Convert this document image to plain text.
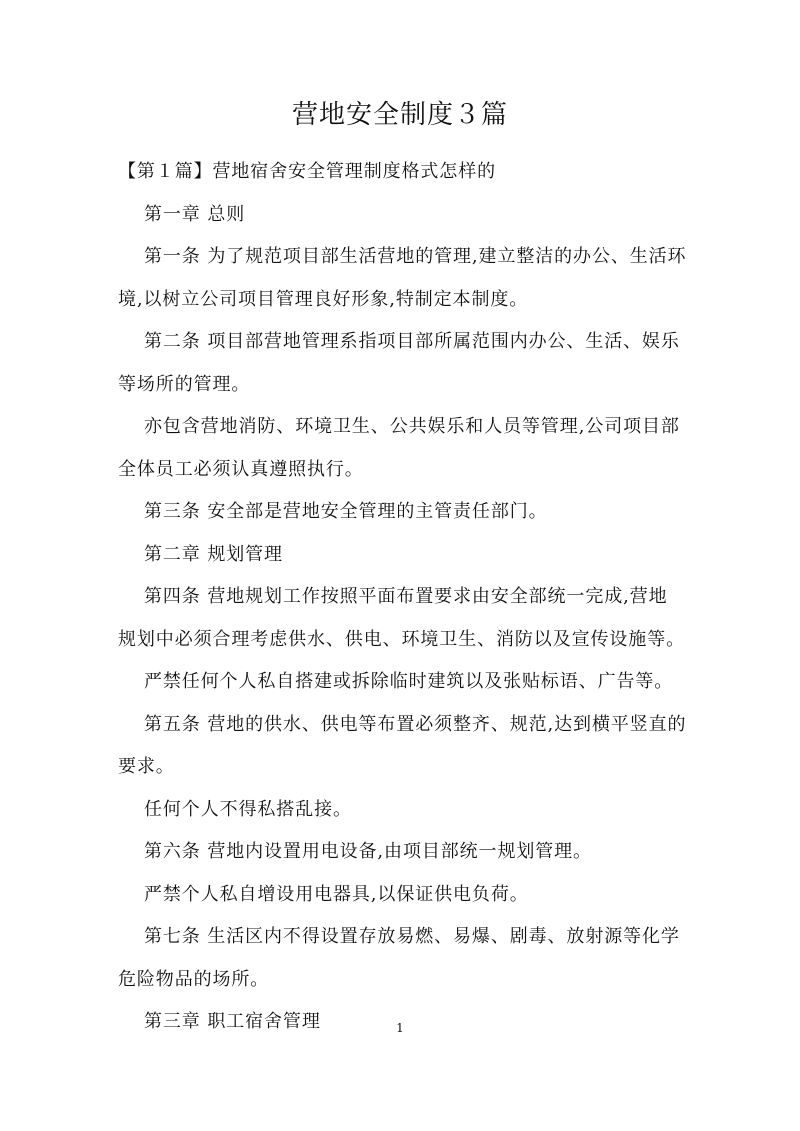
营地安全制度３篇
【第１篇】营地宿舍安全管理制度格式怎样的
第一章 总则
第一条 为了规范项目部生活营地的管理,建立整洁的办公、生活环
境,以树立公司项目管理良好形象,特制定本制度。
第二条 项目部营地管理系指项目部所属范围内办公、生活、娱乐
等场所的管理。
亦包含营地消防、环境卫生、公共娱乐和人员等管理,公司项目部
全体员工必须认真遵照执行。
第三条 安全部是营地安全管理的主管责任部门。
第二章 规划管理
第四条 营地规划工作按照平面布置要求由安全部统一完成,营地
规划中必须合理考虑供水、供电、环境卫生、消防以及宣传设施等。
严禁任何个人私自搭建或拆除临时建筑以及张贴标语、广告等。
第五条 营地的供水、供电等布置必须整齐、规范,达到横平竖直的
要求。
任何个人不得私搭乱接。
第六条 营地内设置用电设备,由项目部统一规划管理。
严禁个人私自增设用电器具,以保证供电负荷。
第七条 生活区内不得设置存放易燃、易爆、剧毒、放射源等化学
危险物品的场所。
第三章 职工宿舍管理	1
